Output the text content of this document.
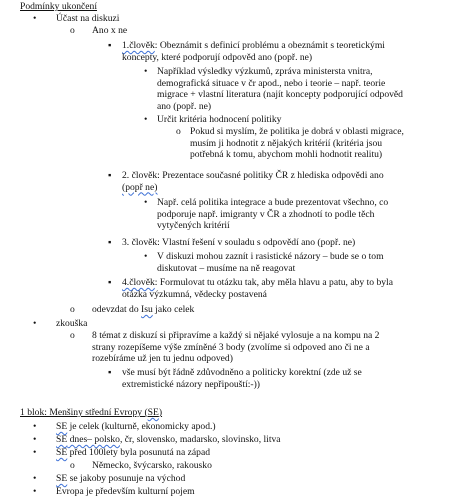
Podmínky ukončení
• Účast na diskuzi
o Ano x ne
▪ 1.člověk: Obeznámit s definicí problému a obeznámit s teoretickými
koncepty, které podporují odpověd ano (popř. ne)
• Například výsledky výzkumů, zpráva ministersta vnitra,
demografická situace v čr apod., nebo i teorie – např. teorie
migrace + vlastní literatura (najít koncepty podporující odpověd
ano (popř. ne)
• Určit kritéria hodnocení politiky
o Pokud si myslím, že politika je dobrá v oblasti migrace,
musím ji hodnotit z nějakých kritérií (kritéria jsou
potřebná k tomu, abychom mohli hodnotit realitu)
▪ 2. člověk: Prezentace současné politiky ČR z hlediska odpovědi ano
(popř ne)
• Např. celá politika integrace a bude prezentovat všechno, co
podporuje např. imigranty v ČR a zhodnotí to podle těch
vytyčených kritérií
▪ 3. člověk: Vlastní řešení v souladu s odpovědí ano (popř. ne)
• V diskuzi mohou zaznít i rasistické názory – bude se o tom
diskutovat – musíme na ně reagovat
▪ 4.člověk: Formulovat tu otázku tak, aby měla hlavu a patu, aby to byla
otázka výzkumná, vědecky postavená
o odevzdat do Isu jako celek
• zkouška
o 8 témat z diskuzí si připravíme a každý si nějaké vylosuje a na kompu na 2
strany rozepíšeme výše zmíněné 3 body (zvolíme si odpoved ano či ne a
rozebíráme už jen tu jednu odpoved)
▪ vše musí být řádně zdůvodněno a politicky korektní (zde už se
extremistické názory nepřipouští:-))
1 blok: Menšiny střední Evropy (SE)
• SE je celek (kulturně, ekonomicky apod.)
• SE dnes– polsko, čr, slovensko, madarsko, slovinsko, litva
• SE před 100lety byla posunutá na západ
o Německo, švýcarsko, rakousko
• SE se jakoby posunuje na východ
• Evropa je především kulturní pojem
